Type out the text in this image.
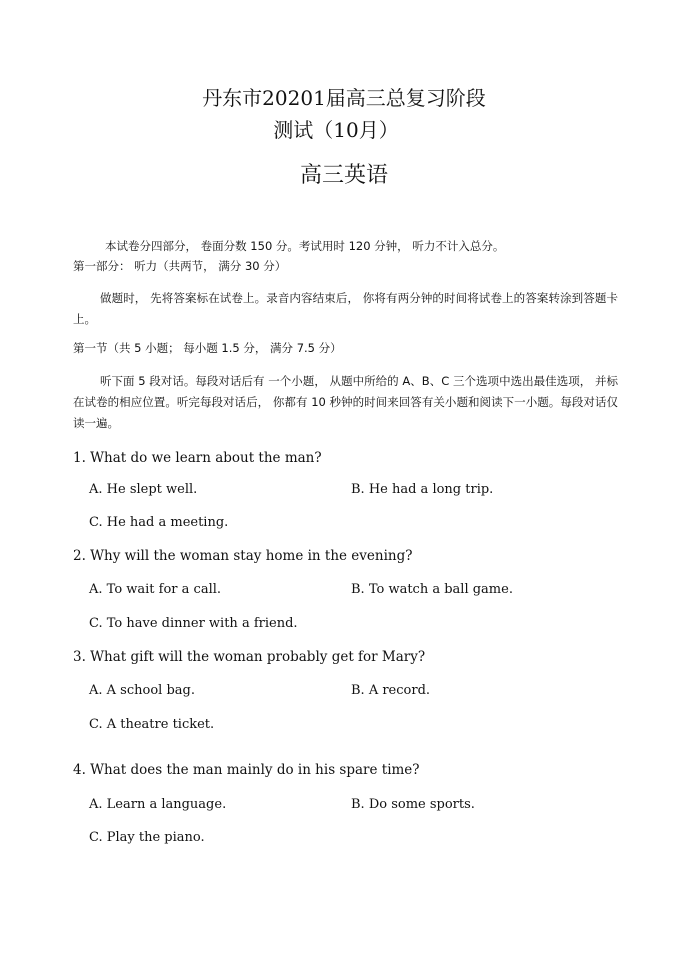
丹东市20201届高三总复习阶段
测试（10月）
高三英语
本试卷分四部分， 卷面分数 150 分。考试用时 120 分钟， 听力不计入总分。
第一部分： 听力（共两节， 满分 30 分）
做题时， 先将答案标在试卷上。录音内容结束后， 你将有两分钟的时间将试卷上的答案转涂到答题卡上。
第一节（共 5 小题； 每小题 1.5 分， 满分 7.5 分）
听下面 5 段对话。每段对话后有 一个小题， 从题中所给的 A、B、C 三个选项中选出最佳选项， 并标在试卷的相应位置。听完每段对话后， 你都有 10 秒钟的时间来回答有关小题和阅读下一小题。每段对话仅读一遍。
1. What do we learn about the man?
A. He slept well.	B. He had a long trip.
C. He had a meeting.
2. Why will the woman stay home in the evening?
A. To wait for a call.	B. To watch a ball game.
C. To have dinner with a friend.
3. What gift will the woman probably get for Mary?
A. A school bag.	B. A record.
C. A theatre ticket.
4. What does the man mainly do in his spare time?
A. Learn a language.	B. Do some sports.
C. Play the piano.
